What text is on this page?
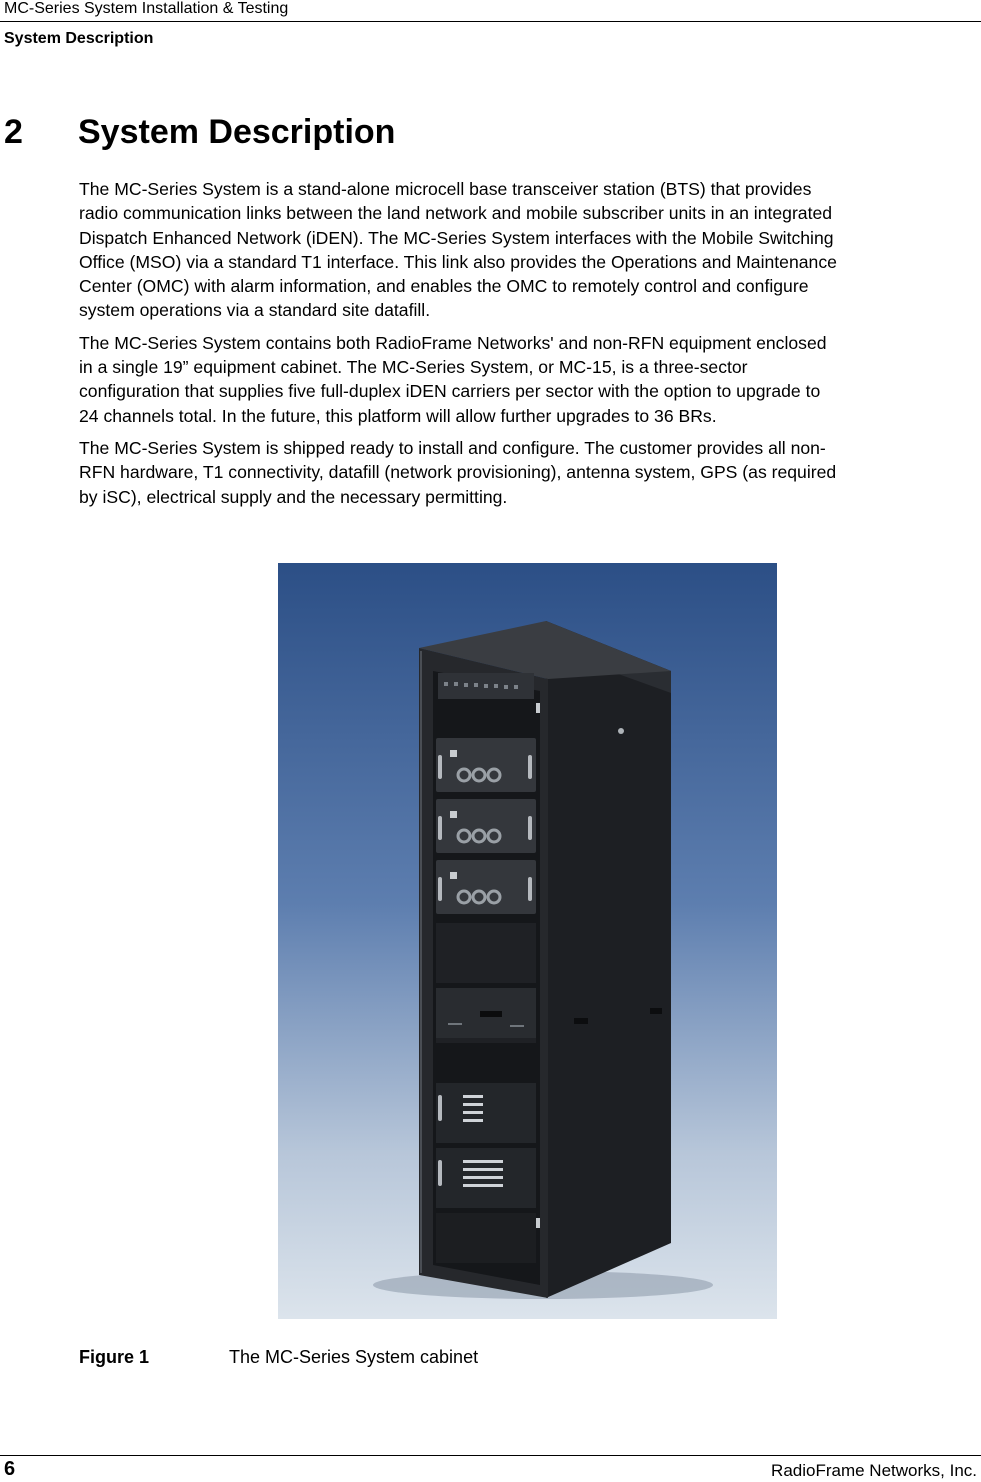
MC-Series System Installation & Testing
System Description
2 System Description

The MC-Series System is a stand-alone microcell base transceiver station (BTS) that provides
radio communication links between the land network and mobile subscriber units in an integrated
Dispatch Enhanced Network (iDEN). The MC-Series System interfaces with the Mobile Switching
Office (MSO) via a standard T1 interface. This link also provides the Operations and Maintenance
Center (OMC) with alarm information, and enables the OMC to remotely control and configure
system operations via a standard site datafill.

The MC-Series System contains both RadioFrame Networks' and non-RFN equipment enclosed
in a single 19” equipment cabinet. The MC-Series System, or MC-15, is a three-sector
configuration that supplies five full-duplex iDEN carriers per sector with the option to upgrade to
24 channels total. In the future, this platform will allow further upgrades to 36 BRs.

The MC-Series System is shipped ready to install and configure. The customer provides all non-
RFN hardware, T1 connectivity, datafill (network provisioning), antenna system, GPS (as required
by iSC), electrical supply and the necessary permitting.

Figure 1	The MC-Series System cabinet
6	RadioFrame Networks, Inc.
